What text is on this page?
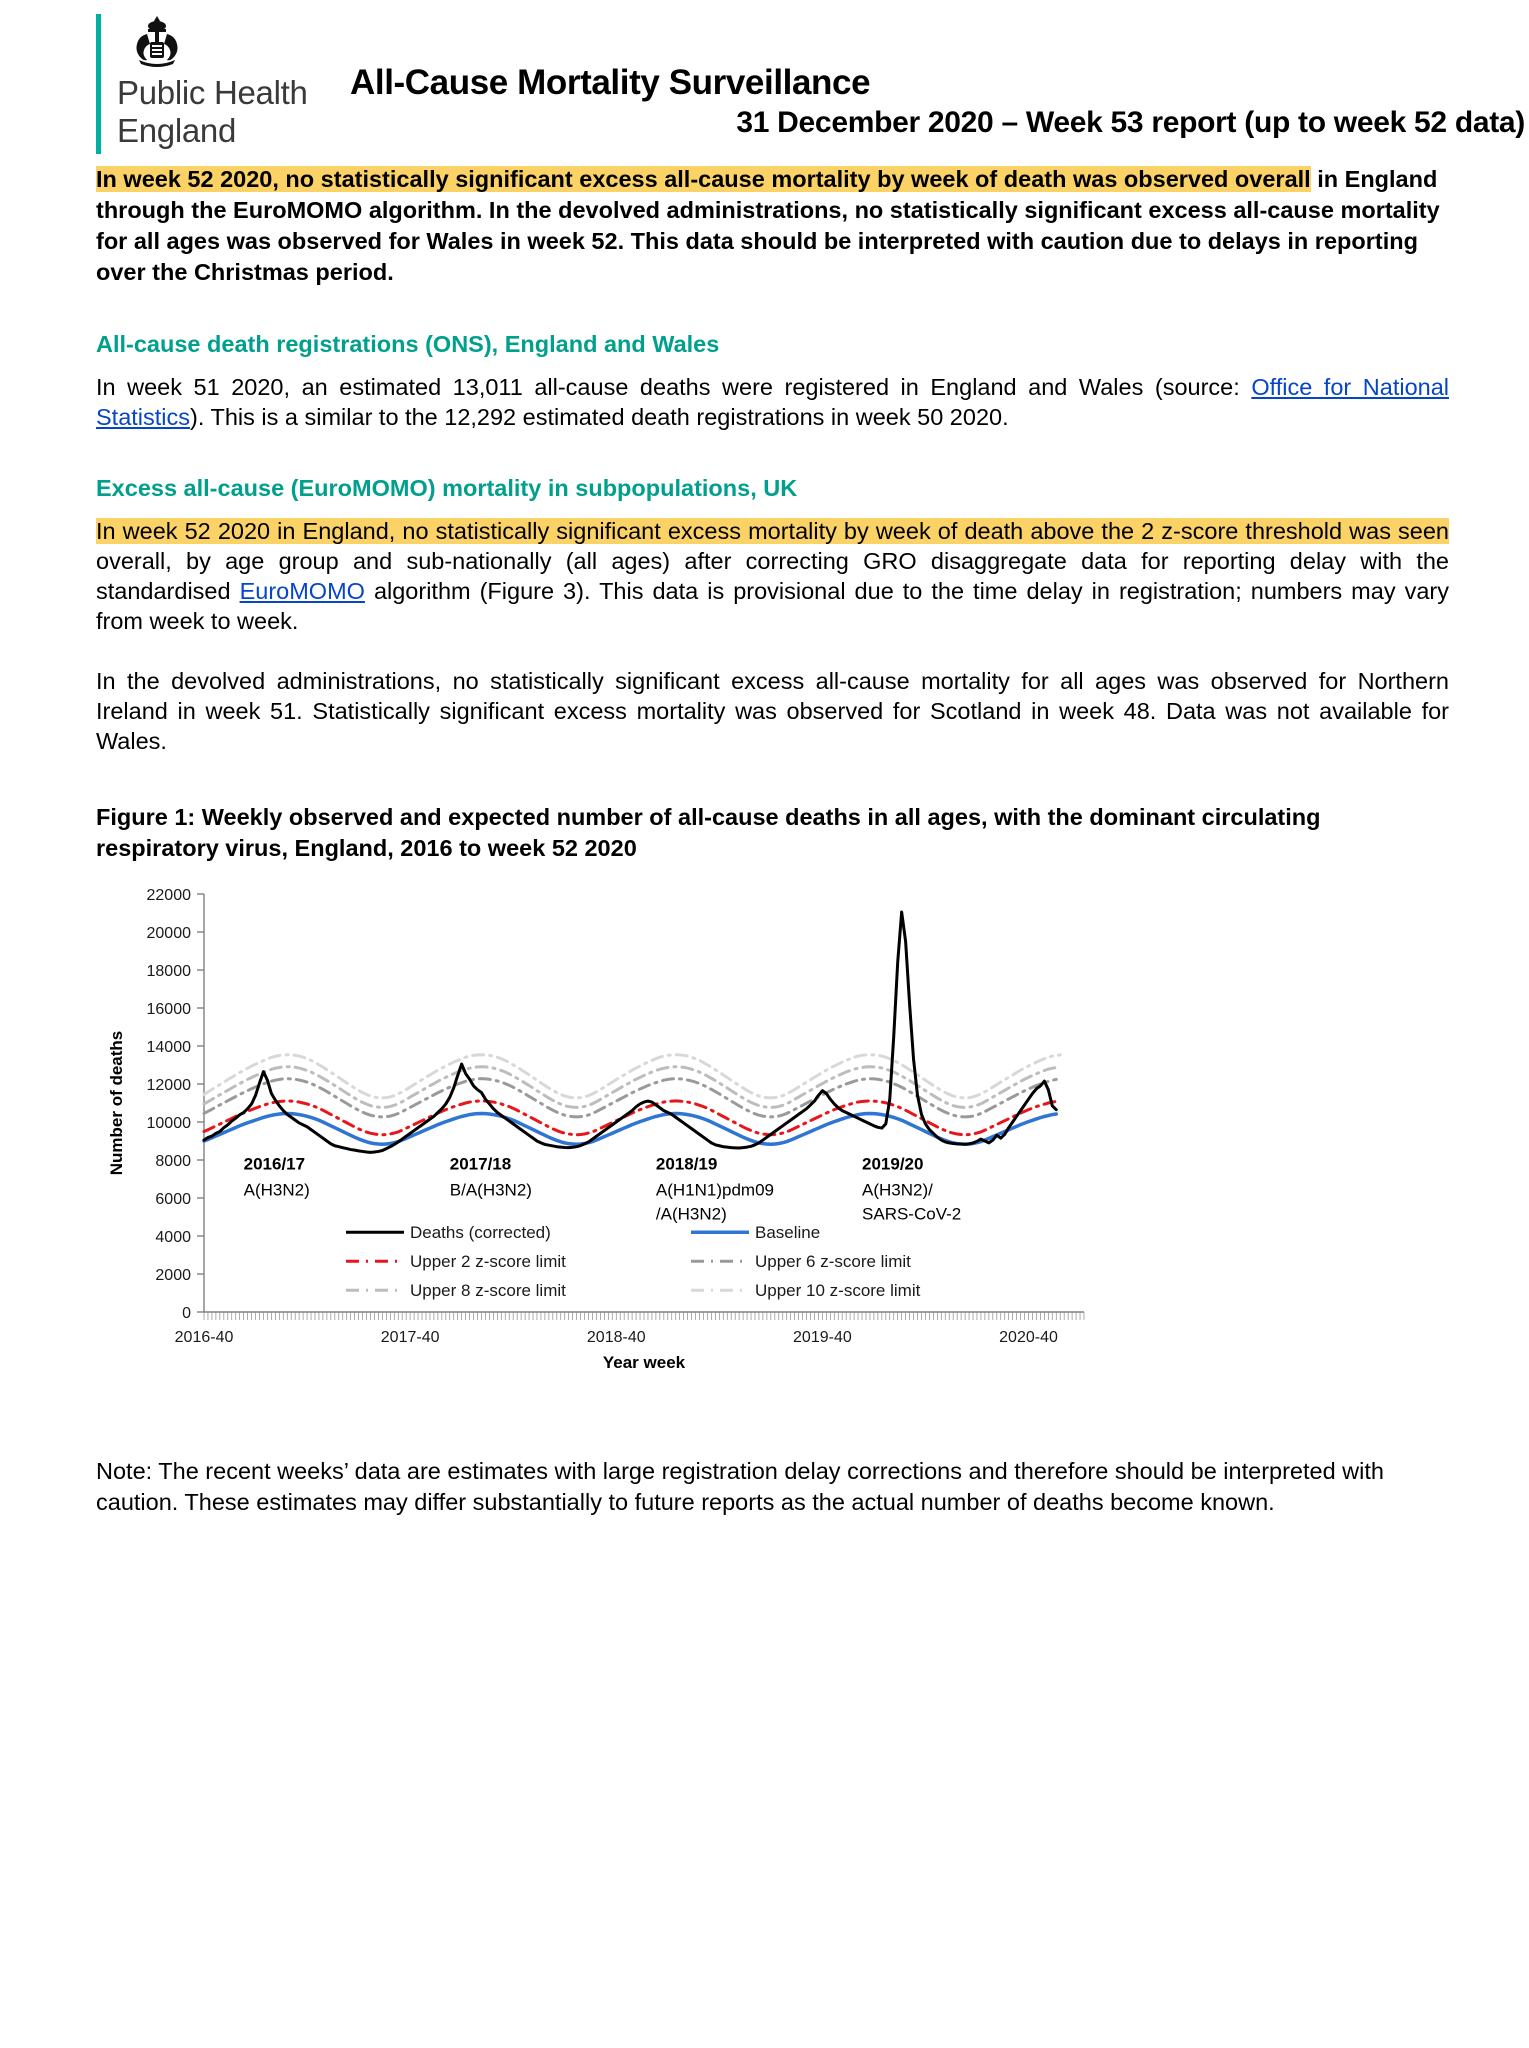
Public Health
England
All-Cause Mortality Surveillance
31 December 2020 – Week 53 report (up to week 52 data)

In week 52 2020, no statistically significant excess all-cause mortality by week of death was observed overall in England through the EuroMOMO algorithm. In the devolved administrations, no statistically significant excess all-cause mortality for all ages was observed for Wales in week 52. This data should be interpreted with caution due to delays in reporting over the Christmas period.

All-cause death registrations (ONS), England and Wales

In week 51 2020, an estimated 13,011 all-cause deaths were registered in England and Wales (source: Office for National Statistics). This is a similar to the 12,292 estimated death registrations in week 50 2020.

Excess all-cause (EuroMOMO) mortality in subpopulations, UK

In week 52 2020 in England, no statistically significant excess mortality by week of death above the 2 z-score threshold was seen overall, by age group and sub-nationally (all ages) after correcting GRO disaggregate data for reporting delay with the standardised EuroMOMO algorithm (Figure 3). This data is provisional due to the time delay in registration; numbers may vary from week to week.

In the devolved administrations, no statistically significant excess all-cause mortality for all ages was observed for Northern Ireland in week 51. Statistically significant excess mortality was observed for Scotland in week 48. Data was not available for Wales.

Figure 1: Weekly observed and expected number of all-cause deaths in all ages, with the dominant circulating respiratory virus, England, 2016 to week 52 2020

0
2000
4000
6000
8000
10000
12000
14000
16000
18000
20000
22000
2016-40	2017-40	2018-40	2019-40	2020-40
Year week
Number of deaths	2016/17
A(H3N2)
2017/18
B/A(H3N2)
2018/19
A(H1N1)pdm09
/A(H3N2)
2019/20
A(H3N2)/
SARS-CoV-2
Deaths (corrected)	Baseline
Upper 2 z-score limit	Upper 6 z-score limit
Upper 8 z-score limit	Upper 10 z-score limit

Note: The recent weeks’ data are estimates with large registration delay corrections and therefore should be interpreted with caution. These estimates may differ substantially to future reports as the actual number of deaths become known.
